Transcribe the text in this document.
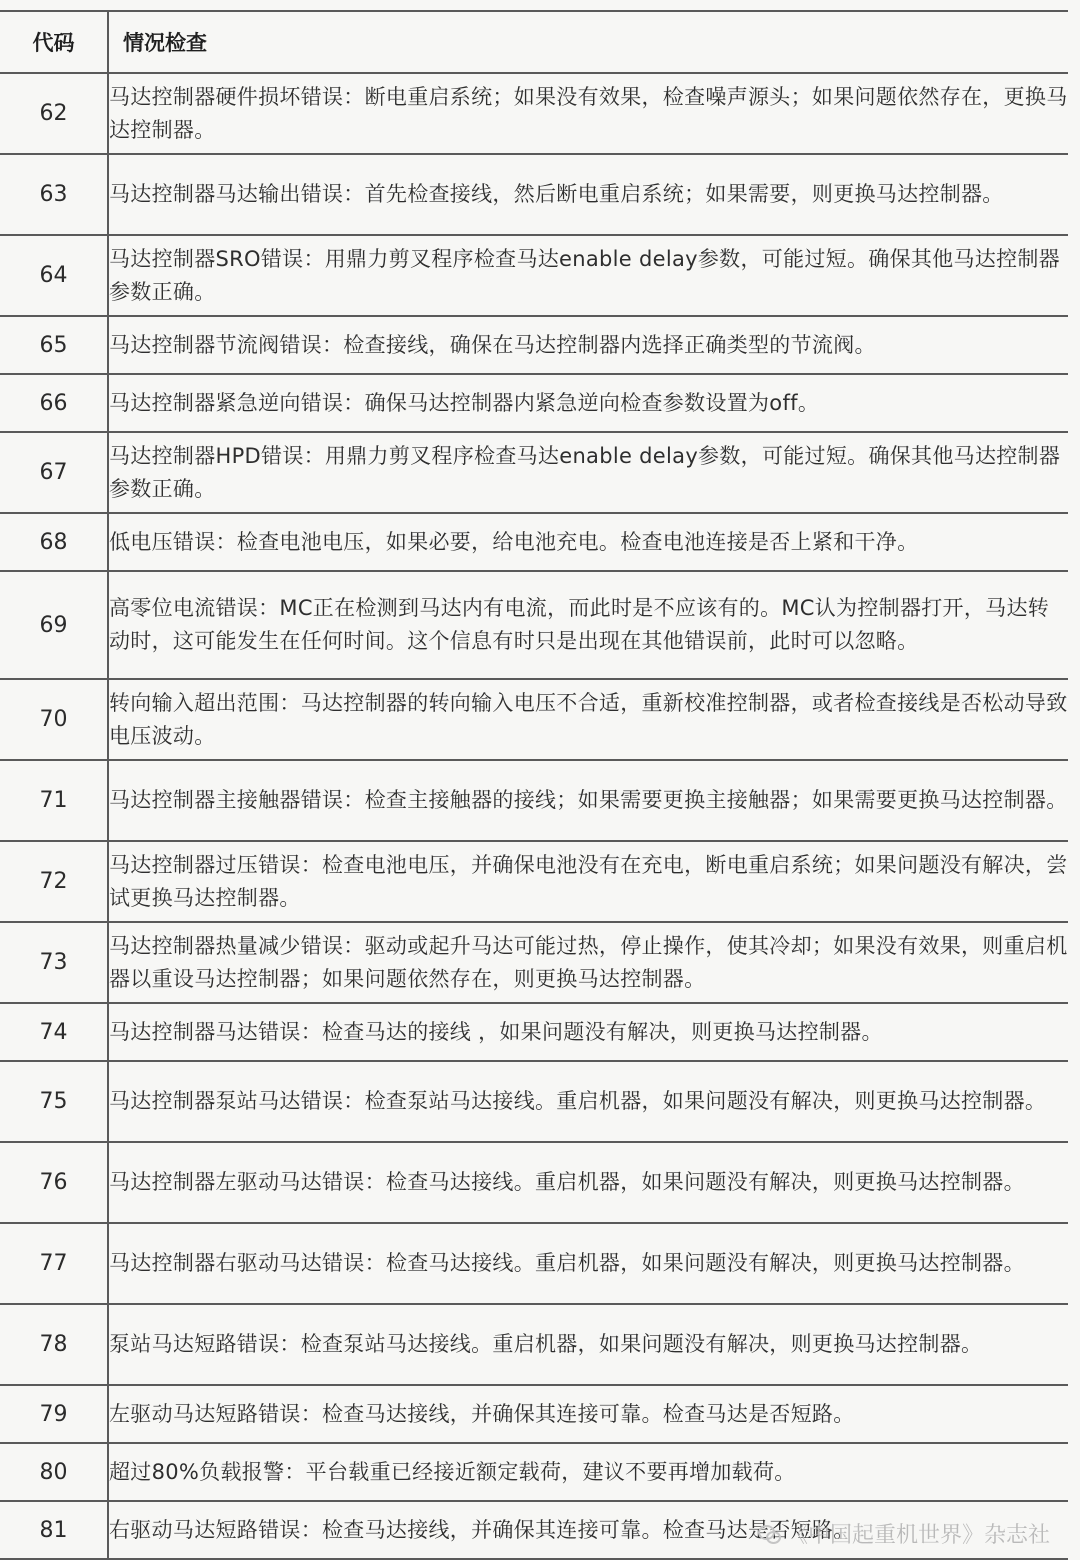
代码	情况检查
62	马达控制器硬件损坏错误：断电重启系统；如果没有效果，检查噪声源头；如果问题依然存在，更换马达控制器。
63	马达控制器马达输出错误：首先检查接线，然后断电重启系统；如果需要，则更换马达控制器。
64	马达控制器SRO错误：用鼎力剪叉程序检查马达enable delay参数，可能过短。确保其他马达控制器参数正确。
65	马达控制器节流阀错误：检查接线，确保在马达控制器内选择正确类型的节流阀。
66	马达控制器紧急逆向错误：确保马达控制器内紧急逆向检查参数设置为off。
67	马达控制器HPD错误：用鼎力剪叉程序检查马达enable delay参数，可能过短。确保其他马达控制器参数正确。
68	低电压错误：检查电池电压，如果必要，给电池充电。检查电池连接是否上紧和干净。
69	高零位电流错误：MC正在检测到马达内有电流，而此时是不应该有的。MC认为控制器打开，马达转动时，这可能发生在任何时间。这个信息有时只是出现在其他错误前，此时可以忽略。
70	转向输入超出范围：马达控制器的转向输入电压不合适，重新校准控制器，或者检查接线是否松动导致电压波动。
71	马达控制器主接触器错误：检查主接触器的接线；如果需要更换主接触器；如果需要更换马达控制器。
72	马达控制器过压错误：检查电池电压，并确保电池没有在充电，断电重启系统；如果问题没有解决，尝试更换马达控制器。
73	马达控制器热量减少错误：驱动或起升马达可能过热，停止操作，使其冷却；如果没有效果，则重启机器以重设马达控制器；如果问题依然存在，则更换马达控制器。
74	马达控制器马达错误：检查马达的接线 ，如果问题没有解决，则更换马达控制器。
75	马达控制器泵站马达错误：检查泵站马达接线。重启机器，如果问题没有解决，则更换马达控制器。
76	马达控制器左驱动马达错误：检查马达接线。重启机器，如果问题没有解决，则更换马达控制器。
77	马达控制器右驱动马达错误：检查马达接线。重启机器，如果问题没有解决，则更换马达控制器。
78	泵站马达短路错误：检查泵站马达接线。重启机器，如果问题没有解决，则更换马达控制器。
79	左驱动马达短路错误：检查马达接线，并确保其连接可靠。检查马达是否短路。
80	超过80%负载报警：平台载重已经接近额定载荷，建议不要再增加载荷。
81	右驱动马达短路错误：检查马达接线，并确保其连接可靠。检查马达是否短路。
《中国起重机世界》杂志社
